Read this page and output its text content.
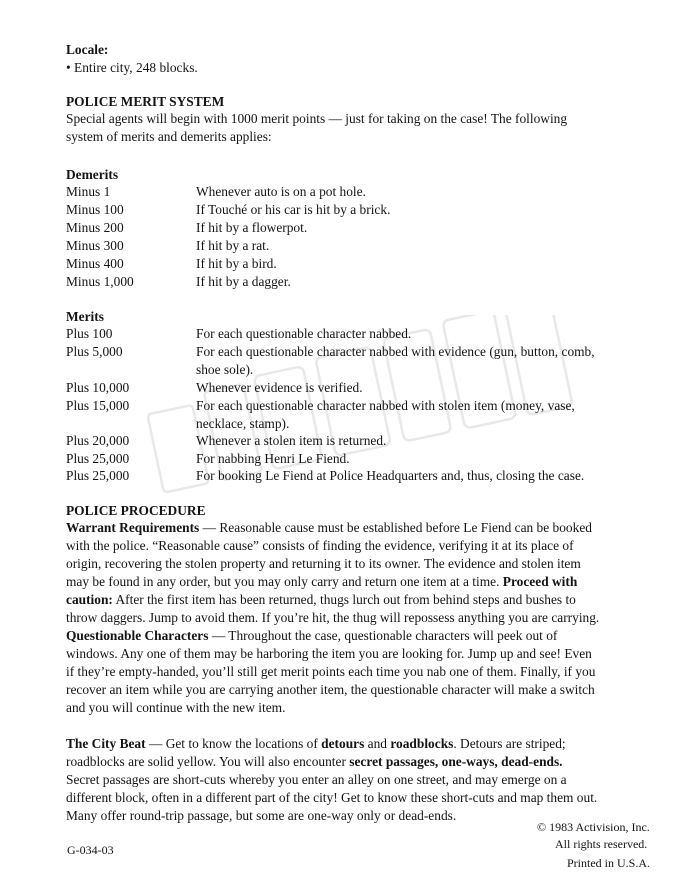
Locale:
• Entire city, 248 blocks.
POLICE MERIT SYSTEM
Special agents will begin with 1000 merit points — just for taking on the case! The following
system of merits and demerits applies:
Demerits
Minus 1	Whenever auto is on a pot hole.
Minus 100	If Touché or his car is hit by a brick.
Minus 200	If hit by a flowerpot.
Minus 300	If hit by a rat.
Minus 400	If hit by a bird.
Minus 1,000	If hit by a dagger.
Merits
Plus 100	For each questionable character nabbed.
Plus 5,000	For each questionable character nabbed with evidence (gun, button, comb,
shoe sole).
Plus 10,000	Whenever evidence is verified.
Plus 15,000	For each questionable character nabbed with stolen item (money, vase,
necklace, stamp).
Plus 20,000	Whenever a stolen item is returned.
Plus 25,000	For nabbing Henri Le Fiend.
Plus 25,000	For booking Le Fiend at Police Headquarters and, thus, closing the case.
POLICE PROCEDURE
Warrant Requirements — Reasonable cause must be established before Le Fiend can be booked
with the police. “Reasonable cause” consists of finding the evidence, verifying it at its place of
origin, recovering the stolen property and returning it to its owner. The evidence and stolen item
may be found in any order, but you may only carry and return one item at a time. Proceed with
caution: After the first item has been returned, thugs lurch out from behind steps and bushes to
throw daggers. Jump to avoid them. If you’re hit, the thug will repossess anything you are carrying.
Questionable Characters — Throughout the case, questionable characters will peek out of
windows. Any one of them may be harboring the item you are looking for. Jump up and see! Even
if they’re empty-handed, you’ll still get merit points each time you nab one of them. Finally, if you
recover an item while you are carrying another item, the questionable character will make a switch
and you will continue with the new item.
The City Beat — Get to know the locations of detours and roadblocks. Detours are striped;
roadblocks are solid yellow. You will also encounter secret passages, one-ways, dead-ends.
Secret passages are short-cuts whereby you enter an alley on one street, and may emerge on a
different block, often in a different part of the city! Get to know these short-cuts and map them out.
Many offer round-trip passage, but some are one-way only or dead-ends.
© 1983 Activision, Inc.
All rights reserved.
G-034-03
Printed in U.S.A.
